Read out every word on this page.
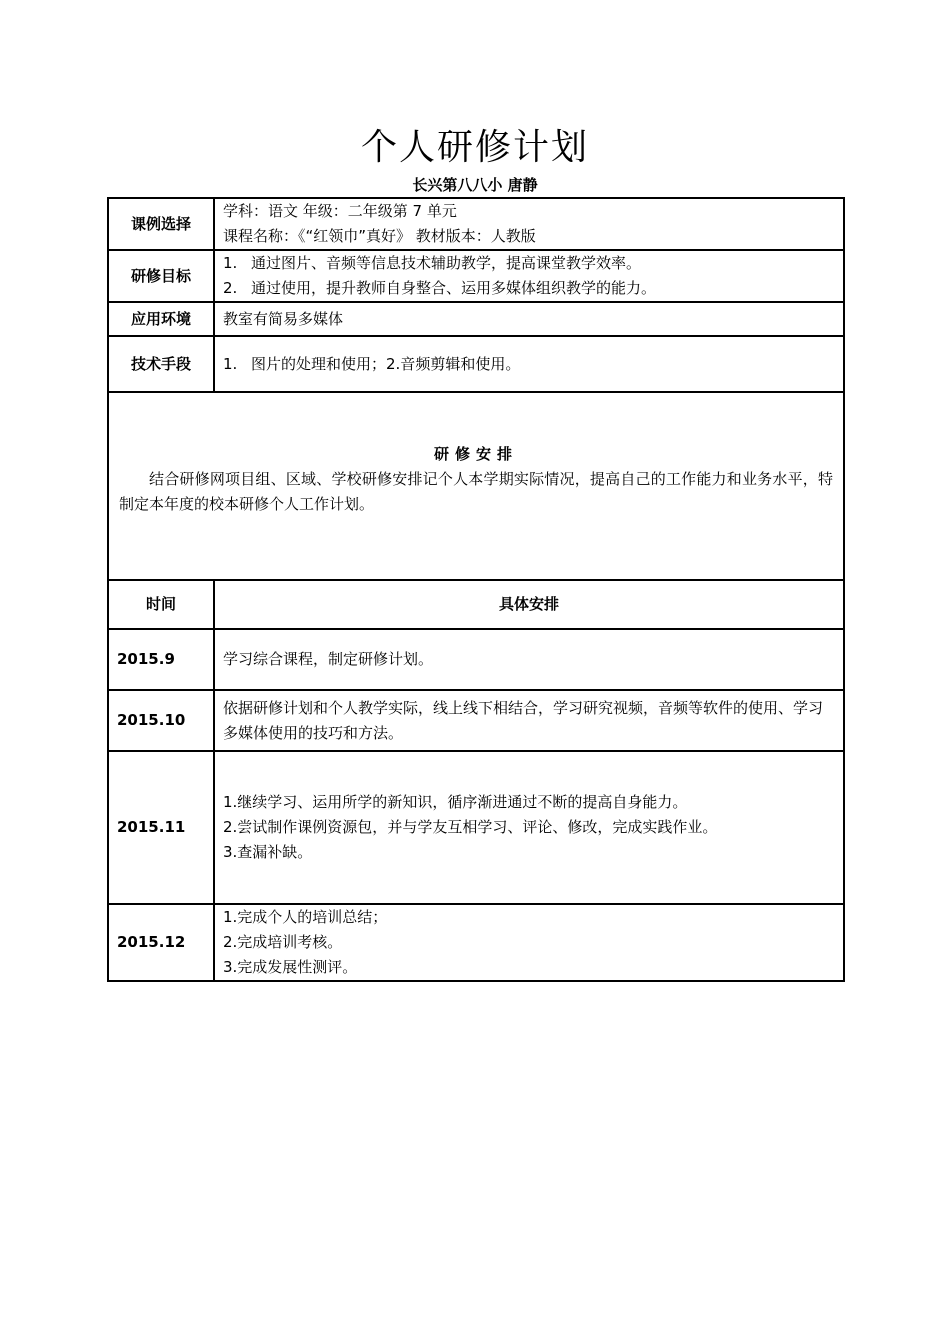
个人研修计划
长兴第八八小 唐静
课例选择	学科：语文 年级：二年级第 7 单元
课程名称：《“红领巾”真好》 教材版本：人教版

研修目标	1. 通过图片、音频等信息技术辅助教学，提高课堂教学效率。
2. 通过使用，提升教师自身整合、运用多媒体组织教学的能力。

应用环境	教室有简易多媒体
技术手段	1. 图片的处理和使用；2.音频剪辑和使用。

研修安排

结合研修网项目组、区域、学校研修安排记个人本学期实际情况，提高自己的工作能力和业务水平，特制定本年度的校本研修个人工作计划。	

时间	具体安排
2015.9	学习综合课程，制定研修计划。

2015.10	依据研修计划和个人教学实际，线上线下相结合，学习研究视频，音频等软件的使用、学习多媒体使用的技巧和方法。

2015.11	1.继续学习、运用所学的新知识，循序渐进通过不断的提高自身能力。
2.尝试制作课例资源包，并与学友互相学习、评论、修改，完成实践作业。
3.查漏补缺。

2015.12	1.完成个人的培训总结；
2.完成培训考核。
3.完成发展性测评。
